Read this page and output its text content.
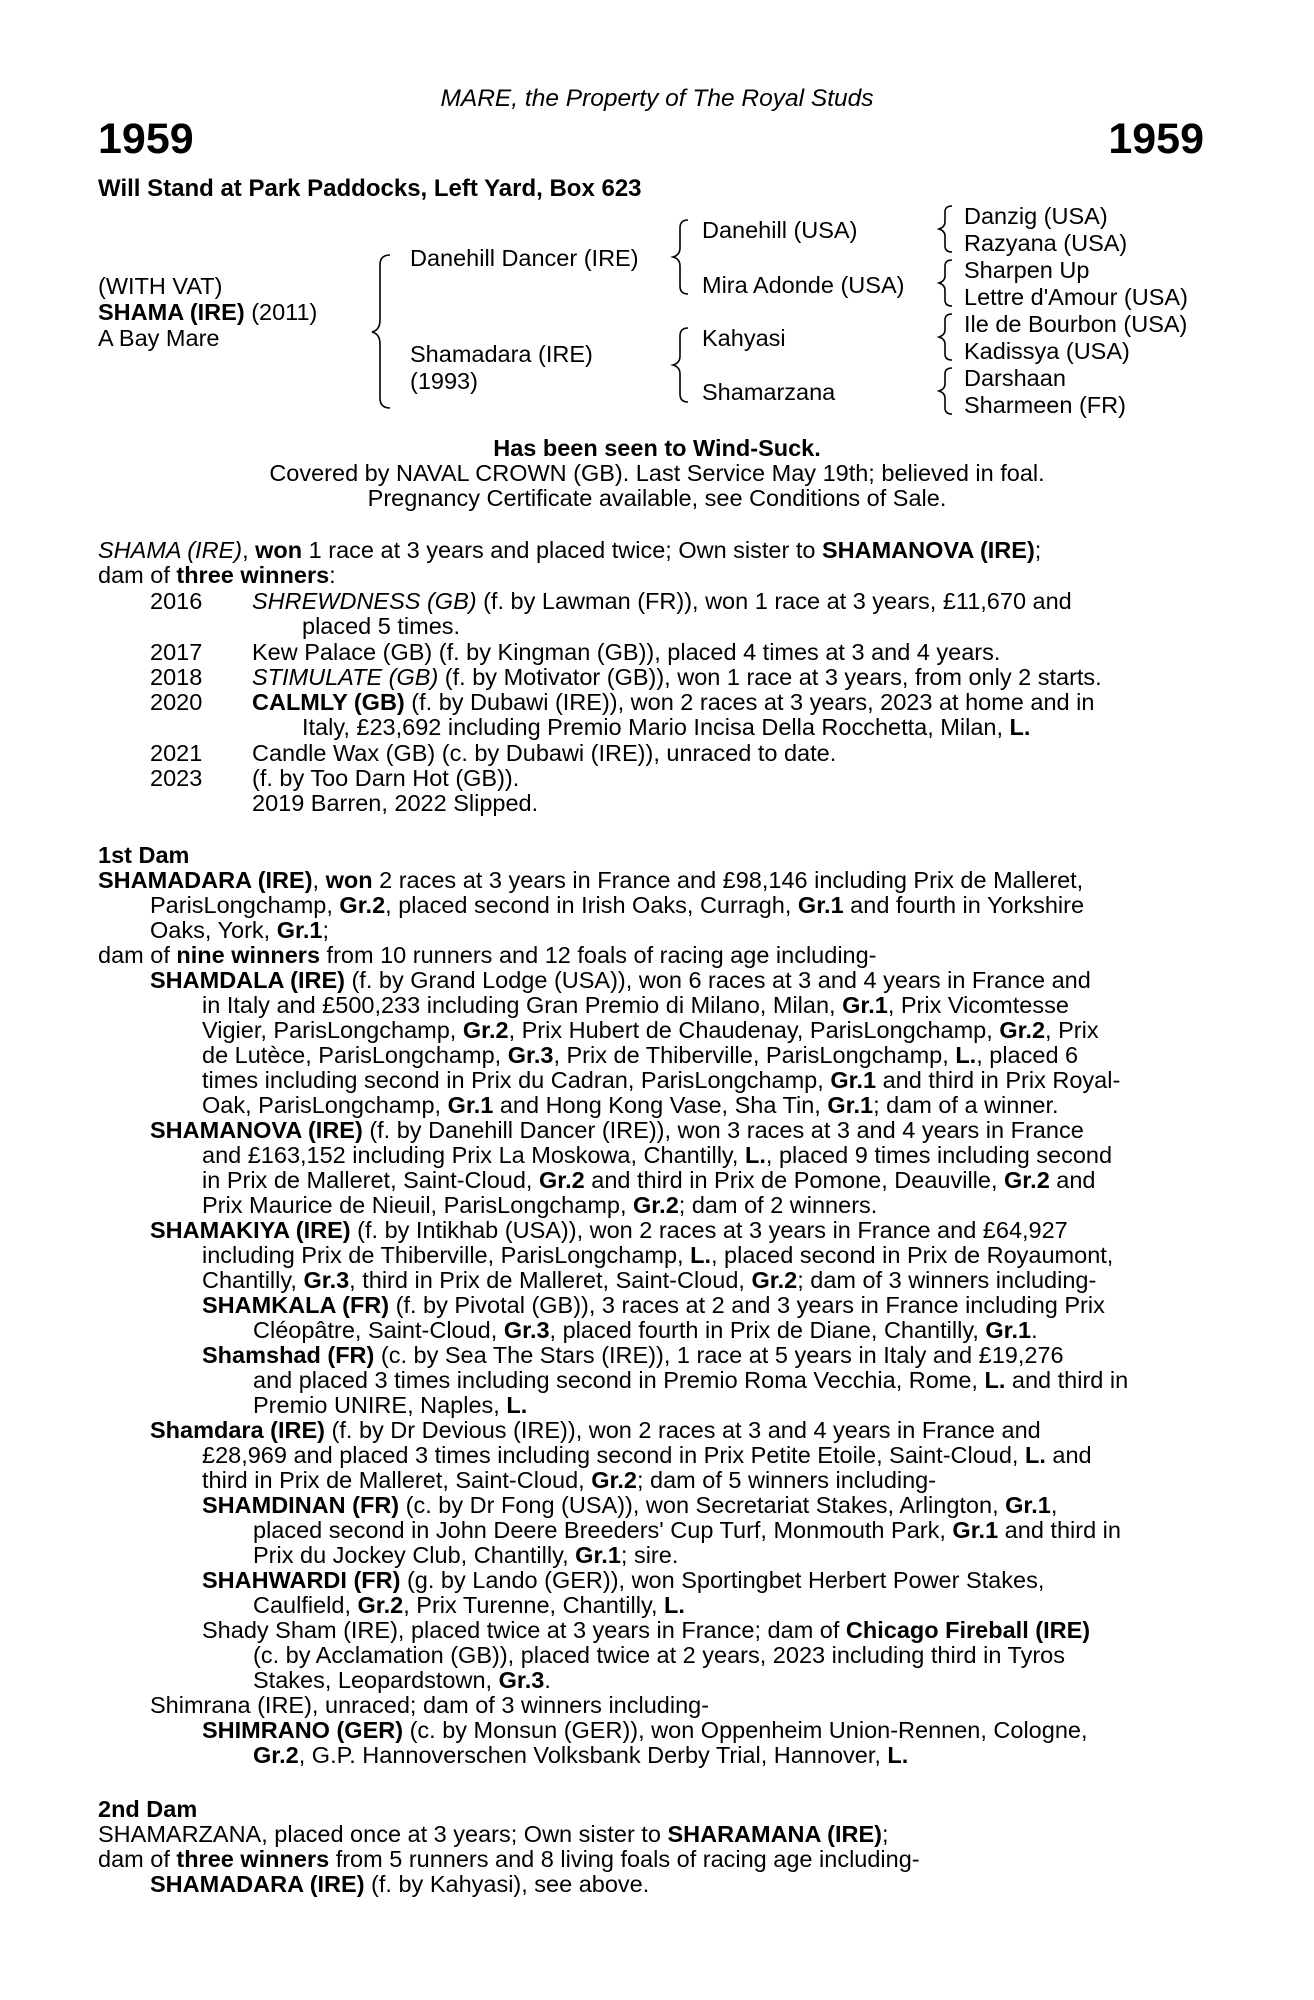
MARE, the Property of The Royal Studs
1959	1959
Will Stand at Park Paddocks, Left Yard, Box 623
(WITH VAT)
SHAMA (IRE) (2011)
A Bay Mare
Danehill Dancer (IRE)
Shamadara (IRE)
(1993)
Danehill (USA)
Mira Adonde (USA)
Kahyasi
Shamarzana
Danzig (USA)
Razyana (USA)
Sharpen Up
Lettre d'Amour (USA)
Ile de Bourbon (USA)
Kadissya (USA)
Darshaan
Sharmeen (FR)
Has been seen to Wind-Suck.
Covered by NAVAL CROWN (GB). Last Service May 19th; believed in foal.
Pregnancy Certificate available, see Conditions of Sale.
SHAMA (IRE), won 1 race at 3 years and placed twice; Own sister to SHAMANOVA (IRE);
dam of three winners:
2016	SHREWDNESS (GB) (f. by Lawman (FR)), won 1 race at 3 years, £11,670 and
placed 5 times.
2017	Kew Palace (GB) (f. by Kingman (GB)), placed 4 times at 3 and 4 years.
2018	STIMULATE (GB) (f. by Motivator (GB)), won 1 race at 3 years, from only 2 starts.
2020	CALMLY (GB) (f. by Dubawi (IRE)), won 2 races at 3 years, 2023 at home and in
Italy, £23,692 including Premio Mario Incisa Della Rocchetta, Milan, L.
2021	Candle Wax (GB) (c. by Dubawi (IRE)), unraced to date.
2023	(f. by Too Darn Hot (GB)).
2019 Barren, 2022 Slipped.
1st Dam
SHAMADARA (IRE), won 2 races at 3 years in France and £98,146 including Prix de Malleret,
ParisLongchamp, Gr.2, placed second in Irish Oaks, Curragh, Gr.1 and fourth in Yorkshire
Oaks, York, Gr.1;
dam of nine winners from 10 runners and 12 foals of racing age including-
SHAMDALA (IRE) (f. by Grand Lodge (USA)), won 6 races at 3 and 4 years in France and
in Italy and £500,233 including Gran Premio di Milano, Milan, Gr.1, Prix Vicomtesse
Vigier, ParisLongchamp, Gr.2, Prix Hubert de Chaudenay, ParisLongchamp, Gr.2, Prix
de Lutèce, ParisLongchamp, Gr.3, Prix de Thiberville, ParisLongchamp, L., placed 6
times including second in Prix du Cadran, ParisLongchamp, Gr.1 and third in Prix Royal-
Oak, ParisLongchamp, Gr.1 and Hong Kong Vase, Sha Tin, Gr.1; dam of a winner.
SHAMANOVA (IRE) (f. by Danehill Dancer (IRE)), won 3 races at 3 and 4 years in France
and £163,152 including Prix La Moskowa, Chantilly, L., placed 9 times including second
in Prix de Malleret, Saint-Cloud, Gr.2 and third in Prix de Pomone, Deauville, Gr.2 and
Prix Maurice de Nieuil, ParisLongchamp, Gr.2; dam of 2 winners.
SHAMAKIYA (IRE) (f. by Intikhab (USA)), won 2 races at 3 years in France and £64,927
including Prix de Thiberville, ParisLongchamp, L., placed second in Prix de Royaumont,
Chantilly, Gr.3, third in Prix de Malleret, Saint-Cloud, Gr.2; dam of 3 winners including-
SHAMKALA (FR) (f. by Pivotal (GB)), 3 races at 2 and 3 years in France including Prix
Cléopâtre, Saint-Cloud, Gr.3, placed fourth in Prix de Diane, Chantilly, Gr.1.
Shamshad (FR) (c. by Sea The Stars (IRE)), 1 race at 5 years in Italy and £19,276
and placed 3 times including second in Premio Roma Vecchia, Rome, L. and third in
Premio UNIRE, Naples, L.
Shamdara (IRE) (f. by Dr Devious (IRE)), won 2 races at 3 and 4 years in France and
£28,969 and placed 3 times including second in Prix Petite Etoile, Saint-Cloud, L. and
third in Prix de Malleret, Saint-Cloud, Gr.2; dam of 5 winners including-
SHAMDINAN (FR) (c. by Dr Fong (USA)), won Secretariat Stakes, Arlington, Gr.1,
placed second in John Deere Breeders' Cup Turf, Monmouth Park, Gr.1 and third in
Prix du Jockey Club, Chantilly, Gr.1; sire.
SHAHWARDI (FR) (g. by Lando (GER)), won Sportingbet Herbert Power Stakes,
Caulfield, Gr.2, Prix Turenne, Chantilly, L.
Shady Sham (IRE), placed twice at 3 years in France; dam of Chicago Fireball (IRE)
(c. by Acclamation (GB)), placed twice at 2 years, 2023 including third in Tyros
Stakes, Leopardstown, Gr.3.
Shimrana (IRE), unraced; dam of 3 winners including-
SHIMRANO (GER) (c. by Monsun (GER)), won Oppenheim Union-Rennen, Cologne,
Gr.2, G.P. Hannoverschen Volksbank Derby Trial, Hannover, L.
2nd Dam
SHAMARZANA, placed once at 3 years; Own sister to SHARAMANA (IRE);
dam of three winners from 5 runners and 8 living foals of racing age including-
SHAMADARA (IRE) (f. by Kahyasi), see above.
